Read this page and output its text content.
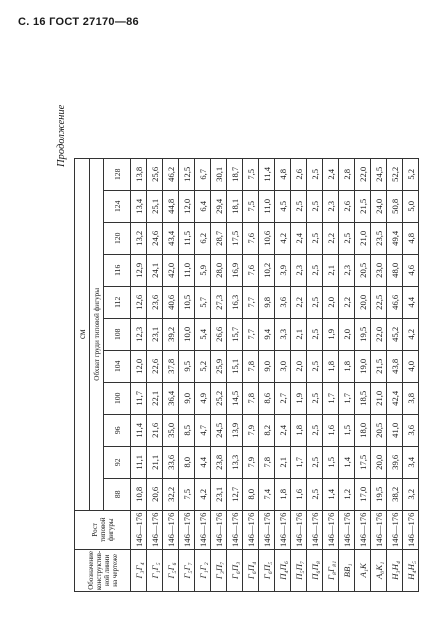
С. 16 ГОСТ 27170—86
Продолжение
Обозначение конструктив-ной линии на чертеже	Рост типовой фигуры	см										
		Обхват груди типовой фигуры										
		88	92	96	100	104	108	112	116	120	124	128
Г₃Г₄	146—176	10,8	11,1	11,4	11,7	12,0	12,3	12,6	12,9	13,2	13,4	13,8
Г₁Г₅	146—176	20,6	21,1	21,6	22,1	22,6	23,1	23,6	24,1	24,6	25,1	25,6
Г₅Г₆	146—176	32,2	33,6	35,0	36,4	37,8	39,2	40,6	42,0	43,4	44,8	46,2
Г₅Г₇	146—176	7,5	8,0	8,5	9,0	9,5	10,0	10,5	11,0	11,5	12,0	12,5
Г₁Г₂	146—176	4,2	4,4	4,7	4,9	5,2	5,4	5,7	5,9	6,2	6,4	6,7
Г₃П₇	146—176	23,1	23,8	24,5	25,2	25,9	26,6	27,3	28,0	28,7	29,4	30,1
Г₆П₃	146—176	12,7	13,3	13,9	14,5	15,1	15,7	16,3	16,9	17,5	18,1	18,7
Г₆П₄	146—176	8,0	7,9	7,9	7,8	7,8	7,7	7,7	7,6	7,6	7,5	7,5
Г₆П₅	146—176	7,4	7,8	8,2	8,6	9,0	9,4	9,8	10,2	10,6	11,0	11,4
П₄П₆	146—176	1,8	2,1	2,4	2,7	3,0	3,3	3,6	3,9	4,2	4,5	4,8
П₅П₇	146—176	1,6	1,7	1,8	1,9	2,0	2,1	2,2	2,3	2,4	2,5	2,6
П₆П₈	146—176	2,5	2,5	2,5	2,5	2,5	2,5	2,5	2,5	2,5	2,5	2,5
Г₈Г₈₁	146—176	1,4	1,5	1,6	1,7	1,8	1,9	2,0	2,1	2,2	2,3	2,4
ВВ₁	146—176	1,2	1,4	1,5	1,7	1,8	2,0	2,2	2,3	2,5	2,6	2,8
А₁К	146—176	17,0	17,5	18,0	18,5	19,0	19,5	20,0	20,5	21,0	21,5	22,0
А₀К₁	146—176	19,5	20,0	20,5	21,0	21,5	22,0	22,5	23,0	23,5	24,0	24,5
Н₃Н₄	146—176	38,2	39,6	41,0	42,4	43,8	45,2	46,6	48,0	49,4	50,8	52,2
Н₄Н₅	146—176	3,2	3,4	3,6	3,8	4,0	4,2	4,4	4,6	4,8	5,0	5,2
